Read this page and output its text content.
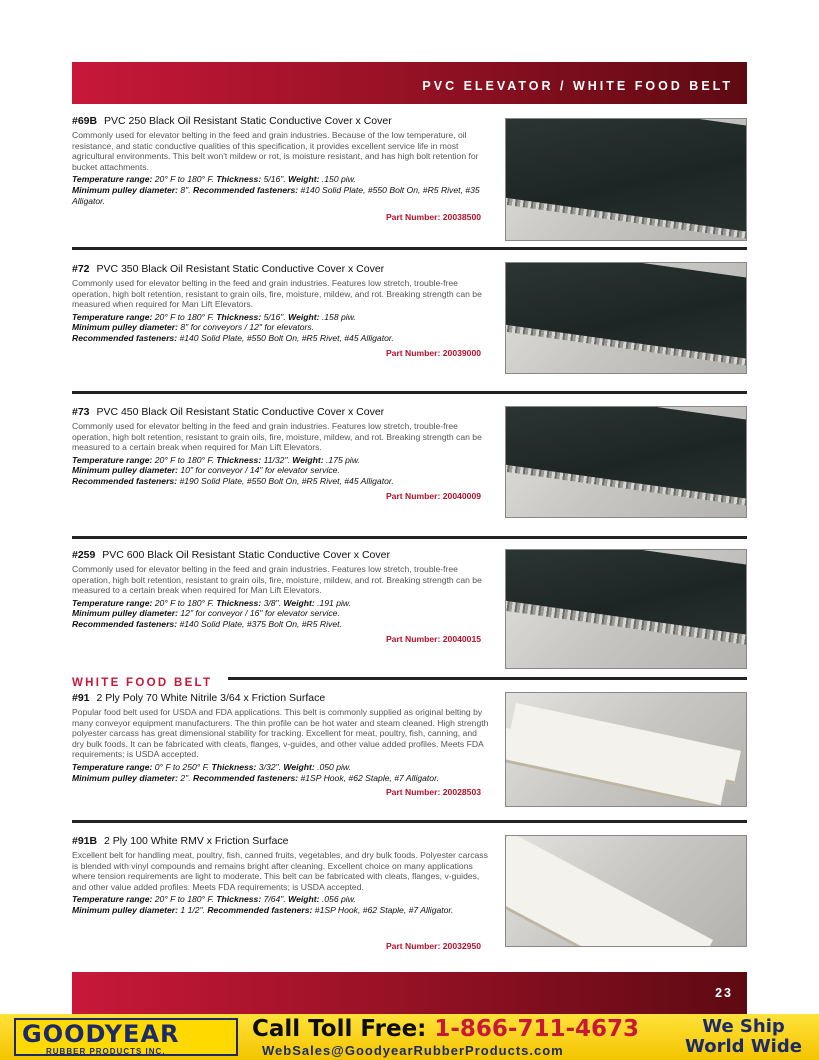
PVC ELEVATOR / WHITE FOOD BELT
#69B PVC 250 Black Oil Resistant Static Conductive Cover x Cover
Commonly used for elevator belting in the feed and grain industries. Because of the low temperature, oil resistance, and static conductive qualities of this specification, it provides excellent service life in most agricultural environments. This belt won't mildew or rot, is moisture resistant, and has high bolt retention for bucket attachments.
Temperature range: 20° F to 180° F. Thickness: 5/16". Weight: .150 piw.
Minimum pulley diameter: 8". Recommended fasteners: #140 Solid Plate, #550 Bolt On, #R5 Rivet, #35 Alligator.
Part Number: 20038500
#72 PVC 350 Black Oil Resistant Static Conductive Cover x Cover
Commonly used for elevator belting in the feed and grain industries. Features low stretch, trouble-free operation, high bolt retention, resistant to grain oils, fire, moisture, mildew, and rot. Breaking strength can be measured when required for Man Lift Elevators.
Temperature range: 20° F to 180° F. Thickness: 5/16". Weight: .158 piw.
Minimum pulley diameter: 8" for conveyors / 12" for elevators.
Recommended fasteners: #140 Solid Plate, #550 Bolt On, #R5 Rivet, #45 Alligator.
Part Number: 20039000
#73 PVC 450 Black Oil Resistant Static Conductive Cover x Cover
Commonly used for elevator belting in the feed and grain industries. Features low stretch, trouble-free operation, high bolt retention, resistant to grain oils, fire, moisture, mildew, and rot. Breaking strength can be measured to a certain break when required for Man Lift Elevators.
Temperature range: 20° F to 180° F. Thickness: 11/32". Weight: .175 piw.
Minimum pulley diameter: 10" for conveyor / 14" for elevator service.
Recommended fasteners: #190 Solid Plate, #550 Bolt On, #R5 Rivet, #45 Alligator.
Part Number: 20040009
#259 PVC 600 Black Oil Resistant Static Conductive Cover x Cover
Commonly used for elevator belting in the feed and grain industries. Features low stretch, trouble-free operation, high bolt retention, resistant to grain oils, fire, moisture, mildew, and rot. Breaking strength can be measured to a certain break when required for Man Lift Elevators.
Temperature range: 20° F to 180° F. Thickness: 3/8". Weight: .191 piw.
Minimum pulley diameter: 12" for conveyor / 16" for elevator service.
Recommended fasteners: #140 Solid Plate, #375 Bolt On, #R5 Rivet.
Part Number: 20040015
WHITE FOOD BELT
#91 2 Ply Poly 70 White Nitrile 3/64 x Friction Surface
Popular food belt used for USDA and FDA applications. This belt is commonly supplied as original belting by many conveyor equipment manufacturers. The thin profile can be hot water and steam cleaned. High strength polyester carcass has great dimensional stability for tracking. Excellent for meat, poultry, fish, canning, and dry bulk foods. It can be fabricated with cleats, flanges, v-guides, and other value added profiles. Meets FDA requirements; is USDA accepted.
Temperature range: 0° F to 250° F. Thickness: 3/32". Weight: .050 piw.
Minimum pulley diameter: 2". Recommended fasteners: #1SP Hook, #62 Staple, #7 Alligator.
Part Number: 20028503
#91B 2 Ply 100 White RMV x Friction Surface
Excellent belt for handling meat, poultry, fish, canned fruits, vegetables, and dry bulk foods. Polyester carcass is blended with vinyl compounds and remains bright after cleaning. Excellent choice on many applications where tension requirements are light to moderate. This belt can be fabricated with cleats, flanges, v-guides, and other value added profiles. Meets FDA requirements; is USDA accepted.
Temperature range: 20° F to 180° F. Thickness: 7/64". Weight: .056 piw.
Minimum pulley diameter: 1 1/2". Recommended fasteners: #1SP Hook, #62 Staple, #7 Alligator.
Part Number: 20032950
23
GOODYEAR
RUBBER PRODUCTS INC.
Call Toll Free: 1-866-711-4673
WebSales@GoodyearRubberProducts.com
We Ship
World Wide
